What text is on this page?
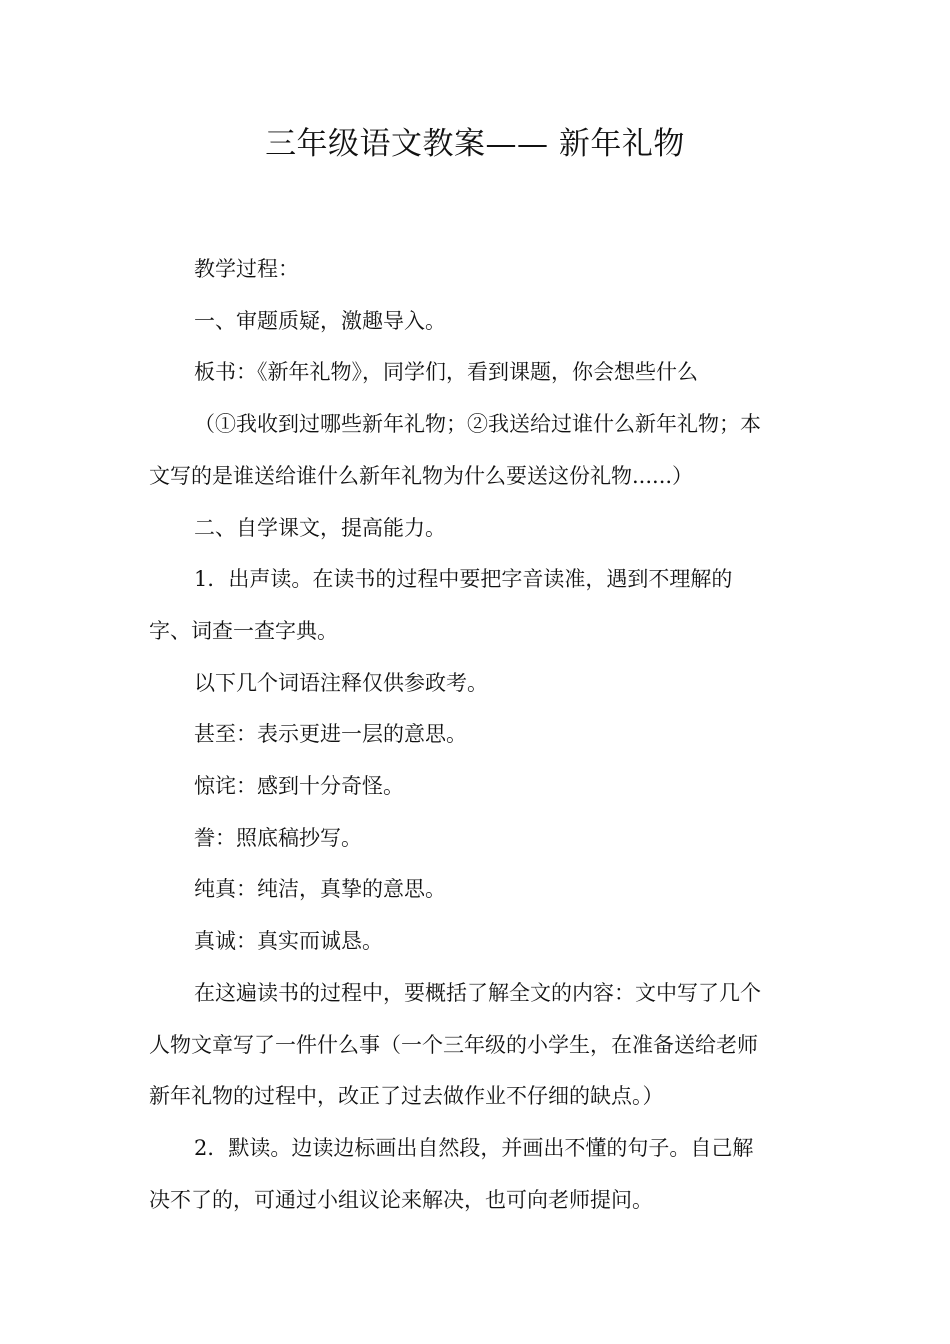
三年级语文教案—— 新年礼物

教学过程：

一、审题质疑，激趣导入。

板书：《新年礼物》，同学们，看到课题，你会想些什么

（①我收到过哪些新年礼物；②我送给过谁什么新年礼物；本

文写的是谁送给谁什么新年礼物为什么要送这份礼物......）

二、自学课文，提高能力。

1．出声读。在读书的过程中要把字音读准，遇到不理解的

字、词查一查字典。

以下几个词语注释仅供参政考。

甚至：表示更进一层的意思。

惊诧：感到十分奇怪。

誊：照底稿抄写。

纯真：纯洁，真挚的意思。

真诚：真实而诚恳。

在这遍读书的过程中，要概括了解全文的内容：文中写了几个

人物文章写了一件什么事（一个三年级的小学生，在准备送给老师

新年礼物的过程中，改正了过去做作业不仔细的缺点。）

2．默读。边读边标画出自然段，并画出不懂的句子。自己解

决不了的，可通过小组议论来解决，也可向老师提问。
